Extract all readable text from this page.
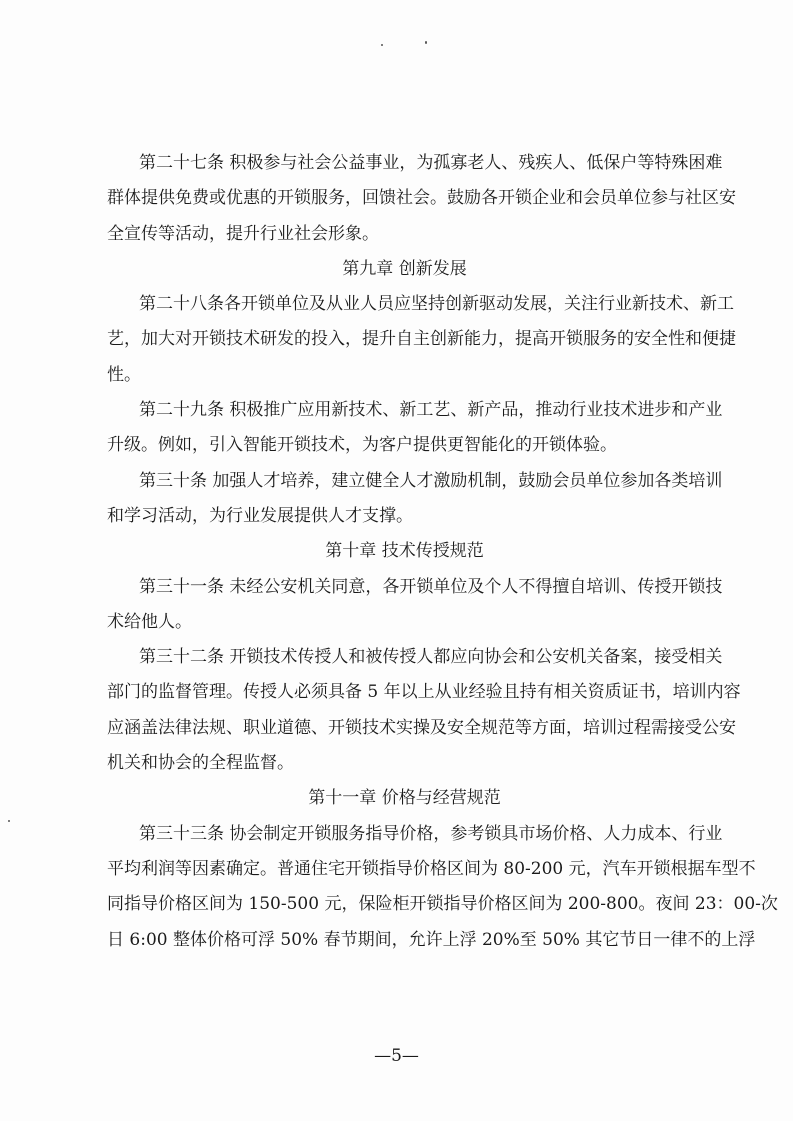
第二十七条 积极参与社会公益事业，为孤寡老人、残疾人、低保户等特殊困难
群体提供免费或优惠的开锁服务，回馈社会。鼓励各开锁企业和会员单位参与社区安
全宣传等活动，提升行业社会形象。
第九章 创新发展
第二十八条各开锁单位及从业人员应坚持创新驱动发展，关注行业新技术、新工
艺，加大对开锁技术研发的投入，提升自主创新能力，提高开锁服务的安全性和便捷
性。
第二十九条 积极推广应用新技术、新工艺、新产品，推动行业技术进步和产业
升级。例如，引入智能开锁技术，为客户提供更智能化的开锁体验。
第三十条 加强人才培养，建立健全人才激励机制，鼓励会员单位参加各类培训
和学习活动，为行业发展提供人才支撑。
第十章 技术传授规范
第三十一条 未经公安机关同意，各开锁单位及个人不得擅自培训、传授开锁技
术给他人。
第三十二条 开锁技术传授人和被传授人都应向协会和公安机关备案，接受相关
部门的监督管理。传授人必须具备 5 年以上从业经验且持有相关资质证书，培训内容
应涵盖法律法规、职业道德、开锁技术实操及安全规范等方面，培训过程需接受公安
机关和协会的全程监督。
第十一章 价格与经营规范
第三十三条 协会制定开锁服务指导价格，参考锁具市场价格、人力成本、行业
平均利润等因素确定。普通住宅开锁指导价格区间为 80-200 元，汽车开锁根据车型不
同指导价格区间为 150-500 元，保险柜开锁指导价格区间为 200-800。夜间 23：00-次
日 6:00 整体价格可浮 50% 春节期间，允许上浮 20%至 50% 其它节日一律不的上浮
—5—
